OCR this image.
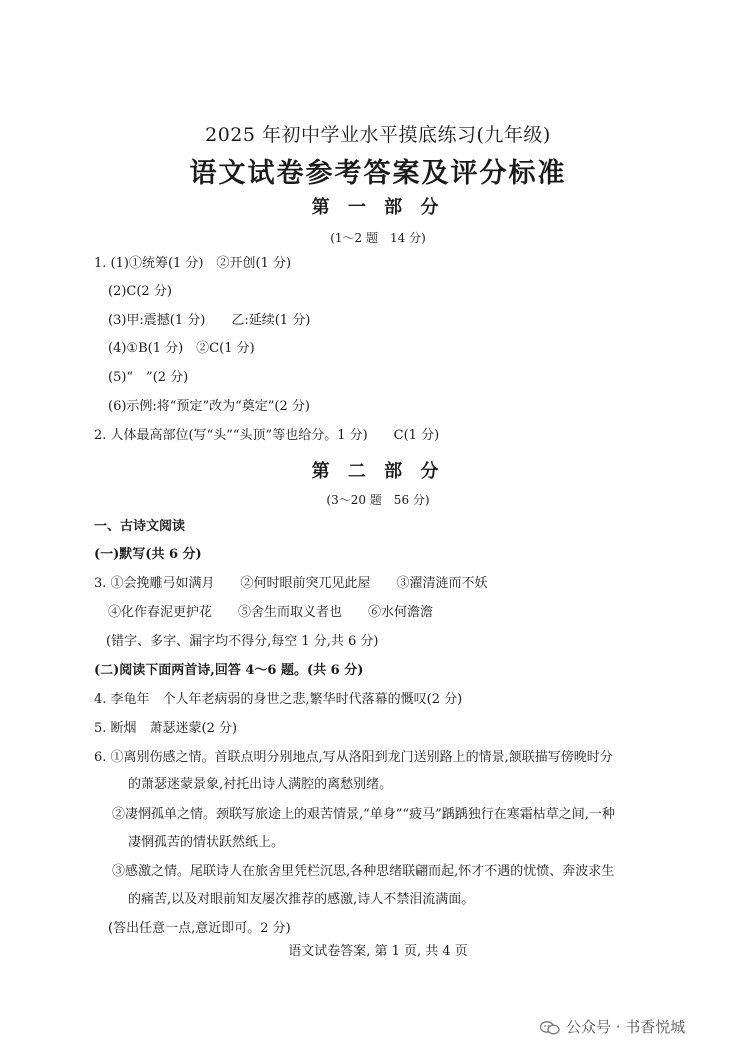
2025 年初中学业水平摸底练习(九年级)
语文试卷参考答案及评分标准
第 一 部 分
(1～2 题　14 分)
1. (1)①统筹(1 分)　②开创(1 分)
(2)C(2 分)
(3)甲:震撼(1 分)　　乙:延续(1 分)
(4)①B(1 分)　②C(1 分)
(5)“　”(2 分)
(6)示例:将“预定”改为“奠定”(2 分)
2. 人体最高部位(写“头”“头顶”等也给分。1 分)　　C(1 分)
第 二 部 分
(3～20 题　56 分)
一、古诗文阅读
(一)默写(共 6 分)
3. ①会挽雕弓如满月　　②何时眼前突兀见此屋　　③濯清涟而不妖
④化作春泥更护花　　⑤舍生而取义者也　　⑥水何澹澹
(错字、多字、漏字均不得分,每空 1 分,共 6 分)
(二)阅读下面两首诗,回答 4～6 题。(共 6 分)
4. 李龟年　个人年老病弱的身世之悲,繁华时代落幕的慨叹(2 分)
5. 断烟　萧瑟迷蒙(2 分)
6. ①离别伤感之情。首联点明分别地点,写从洛阳到龙门送别路上的情景,颔联描写傍晚时分
的萧瑟迷蒙景象,衬托出诗人满腔的离愁别绪。
②凄惘孤单之情。颈联写旅途上的艰苦情景,“单身”“疲马”踽踽独行在寒霜枯草之间,一种
凄惘孤苦的情状跃然纸上。
③感激之情。尾联诗人在旅舍里凭栏沉思,各种思绪联翩而起,怀才不遇的忧愤、奔波求生
的痛苦,以及对眼前知友屡次推荐的感激,诗人不禁泪流满面。
(答出任意一点,意近即可。2 分)
语文试卷答案, 第 1 页, 共 4 页
公众号 · 书香悦城
